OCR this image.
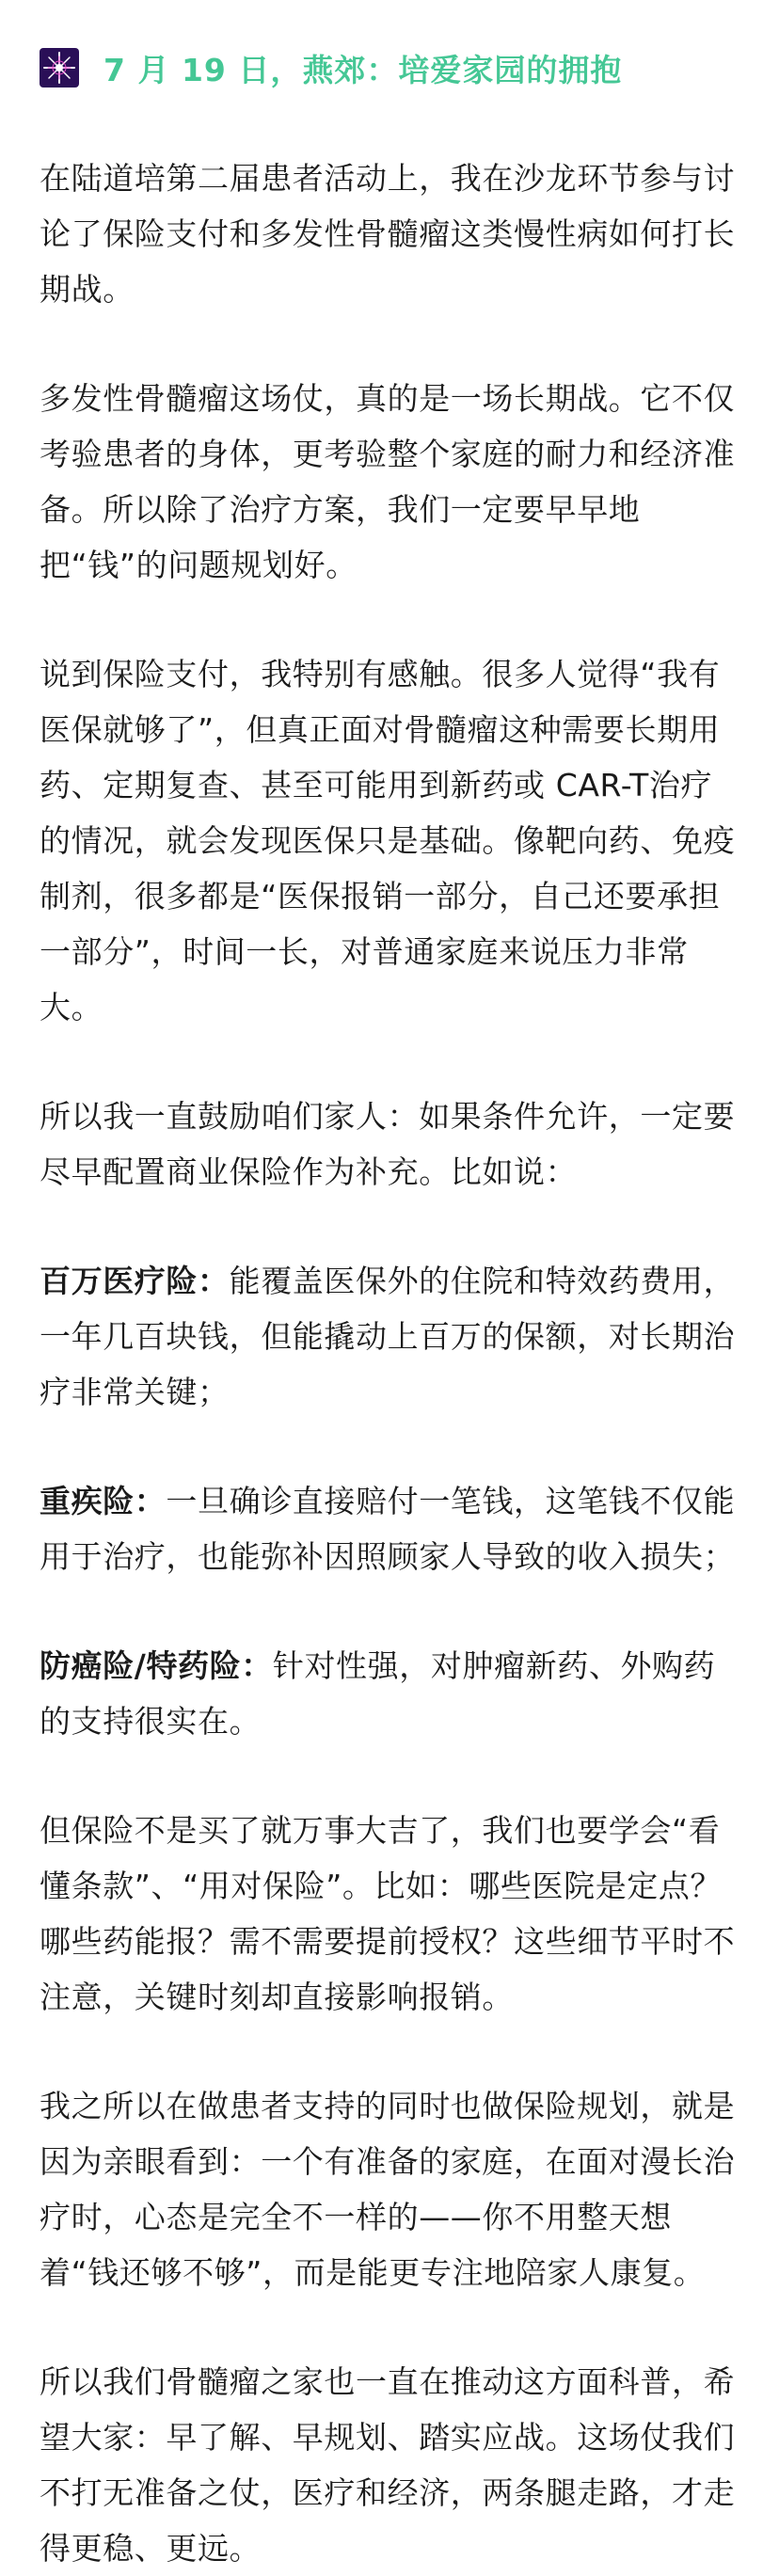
7 月 19 日，燕郊：培爱家园的拥抱

在陆道培第二届患者活动上，我在沙龙环节参与讨论了保险支付和多发性骨髓瘤这类慢性病如何打长期战。

多发性骨髓瘤这场仗，真的是一场长期战。它不仅考验患者的身体，更考验整个家庭的耐力和经济准备。所以除了治疗方案，我们一定要早早地把“钱”的问题规划好。

说到保险支付，我特别有感触。很多人觉得“我有医保就够了”，但真正面对骨髓瘤这种需要长期用药、定期复查、甚至可能用到新药或 CAR-T治疗的情况，就会发现医保只是基础。像靶向药、免疫制剂，很多都是“医保报销一部分，自己还要承担一部分”，时间一长，对普通家庭来说压力非常大。

所以我一直鼓励咱们家人：如果条件允许，一定要尽早配置商业保险作为补充。比如说：

百万医疗险：能覆盖医保外的住院和特效药费用，一年几百块钱，但能撬动上百万的保额，对长期治疗非常关键；

重疾险：一旦确诊直接赔付一笔钱，这笔钱不仅能用于治疗，也能弥补因照顾家人导致的收入损失；

防癌险/特药险：针对性强，对肿瘤新药、外购药的支持很实在。

但保险不是买了就万事大吉了，我们也要学会“看懂条款”、“用对保险”。比如：哪些医院是定点？哪些药能报？需不需要提前授权？这些细节平时不注意，关键时刻却直接影响报销。

我之所以在做患者支持的同时也做保险规划，就是因为亲眼看到：一个有准备的家庭，在面对漫长治疗时，心态是完全不一样的——你不用整天想着“钱还够不够”，而是能更专注地陪家人康复。

所以我们骨髓瘤之家也一直在推动这方面科普，希望大家：早了解、早规划、踏实应战。这场仗我们不打无准备之仗，医疗和经济，两条腿走路，才走得更稳、更远。
